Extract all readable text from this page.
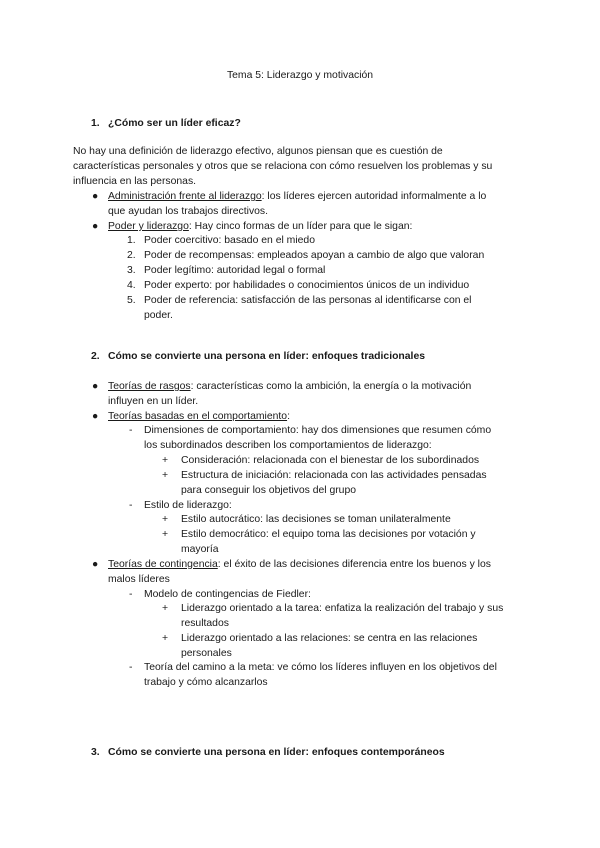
Tema 5: Liderazgo y motivación
1. ¿Cómo ser un líder eficaz?
No hay una definición de liderazgo efectivo, algunos piensan que es cuestión de
características personales y otros que se relaciona con cómo resuelven los problemas y su
influencia en las personas.
● Administración frente al liderazgo: los líderes ejercen autoridad informalmente a lo
que ayudan los trabajos directivos.
● Poder y liderazgo: Hay cinco formas de un líder para que le sigan:
1. Poder coercitivo: basado en el miedo
2. Poder de recompensas: empleados apoyan a cambio de algo que valoran
3. Poder legítimo: autoridad legal o formal
4. Poder experto: por habilidades o conocimientos únicos de un individuo
5. Poder de referencia: satisfacción de las personas al identificarse con el
poder.
2. Cómo se convierte una persona en líder: enfoques tradicionales
● Teorías de rasgos: características como la ambición, la energía o la motivación
influyen en un líder.
● Teorías basadas en el comportamiento:
- Dimensiones de comportamiento: hay dos dimensiones que resumen cómo
los subordinados describen los comportamientos de liderazgo:
+ Consideración: relacionada con el bienestar de los subordinados
+ Estructura de iniciación: relacionada con las actividades pensadas
para conseguir los objetivos del grupo
- Estilo de liderazgo:
+ Estilo autocrático: las decisiones se toman unilateralmente
+ Estilo democrático: el equipo toma las decisiones por votación y
mayoría
● Teorías de contingencia: el éxito de las decisiones diferencia entre los buenos y los
malos líderes
- Modelo de contingencias de Fiedler:
+ Liderazgo orientado a la tarea: enfatiza la realización del trabajo y sus
resultados
+ Liderazgo orientado a las relaciones: se centra en las relaciones
personales
- Teoría del camino a la meta: ve cómo los líderes influyen en los objetivos del
trabajo y cómo alcanzarlos
3. Cómo se convierte una persona en líder: enfoques contemporáneos
